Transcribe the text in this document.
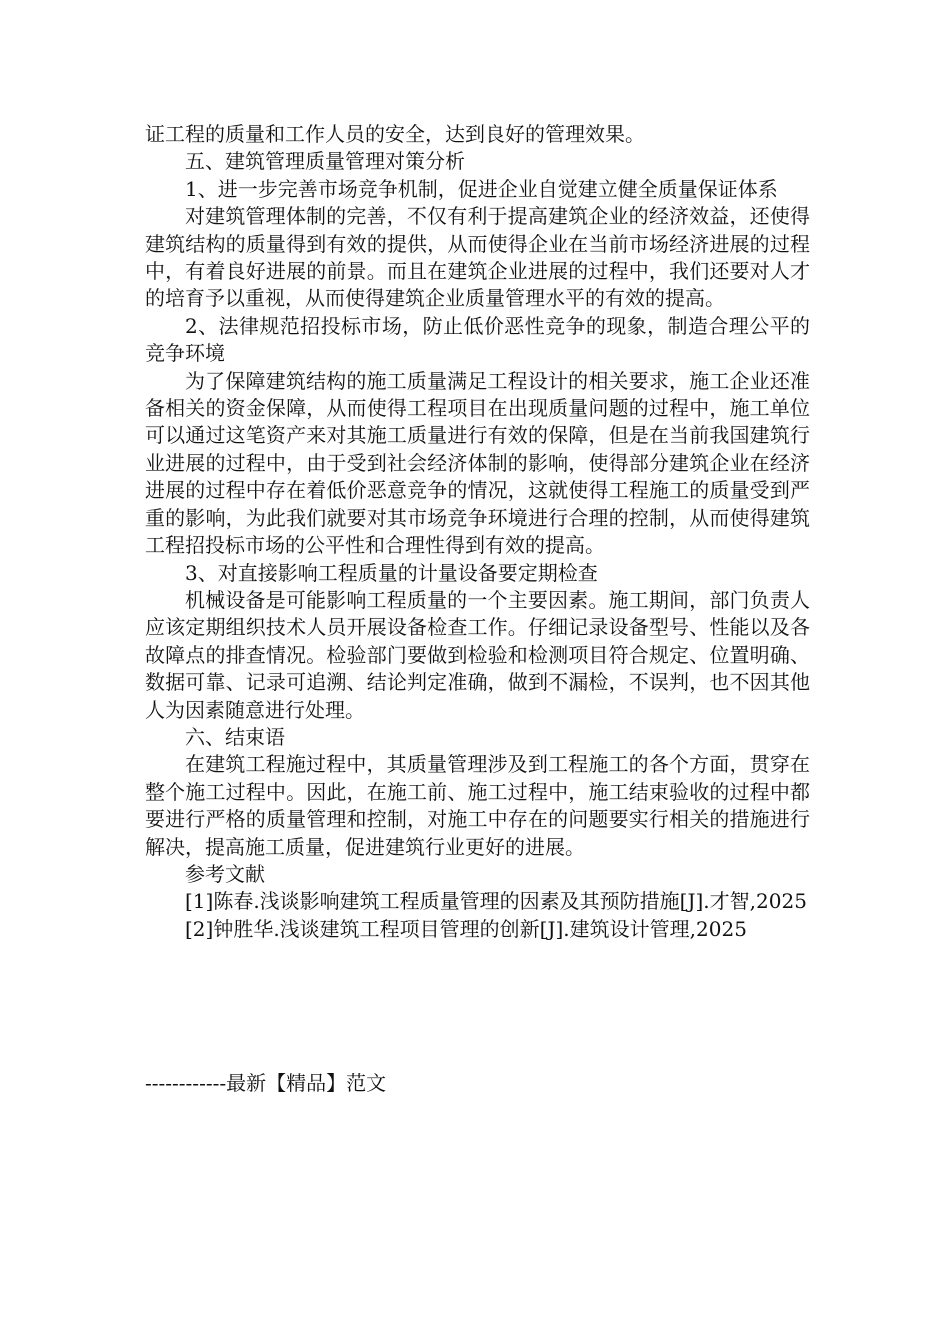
证工程的质量和工作人员的安全，达到良好的管理效果。

五、建筑管理质量管理对策分析

1、进一步完善市场竞争机制，促进企业自觉建立健全质量保证体系

对建筑管理体制的完善，不仅有利于提高建筑企业的经济效益，还使得建筑结构的质量得到有效的提供，从而使得企业在当前市场经济进展的过程中，有着良好进展的前景。而且在建筑企业进展的过程中，我们还要对人才的培育予以重视，从而使得建筑企业质量管理水平的有效的提高。

2、法律规范招投标市场，防止低价恶性竞争的现象，制造合理公平的竞争环境

为了保障建筑结构的施工质量满足工程设计的相关要求，施工企业还准备相关的资金保障，从而使得工程项目在出现质量问题的过程中，施工单位可以通过这笔资产来对其施工质量进行有效的保障，但是在当前我国建筑行业进展的过程中，由于受到社会经济体制的影响，使得部分建筑企业在经济进展的过程中存在着低价恶意竞争的情况，这就使得工程施工的质量受到严重的影响，为此我们就要对其市场竞争环境进行合理的控制，从而使得建筑工程招投标市场的公平性和合理性得到有效的提高。

3、对直接影响工程质量的计量设备要定期检查

机械设备是可能影响工程质量的一个主要因素。施工期间，部门负责人应该定期组织技术人员开展设备检查工作。仔细记录设备型号、性能以及各故障点的排查情况。检验部门要做到检验和检测项目符合规定、位置明确、数据可靠、记录可追溯、结论判定准确，做到不漏检，不误判，也不因其他人为因素随意进行处理。

六、结束语

在建筑工程施过程中，其质量管理涉及到工程施工的各个方面，贯穿在整个施工过程中。因此，在施工前、施工过程中，施工结束验收的过程中都要进行严格的质量管理和控制，对施工中存在的问题要实行相关的措施进行解决，提高施工质量，促进建筑行业更好的进展。

参考文献

[1]陈春.浅谈影响建筑工程质量管理的因素及其预防措施[J].才智,2025

[2]钟胜华.浅谈建筑工程项目管理的创新[J].建筑设计管理,2025

------------最新【精品】范文
